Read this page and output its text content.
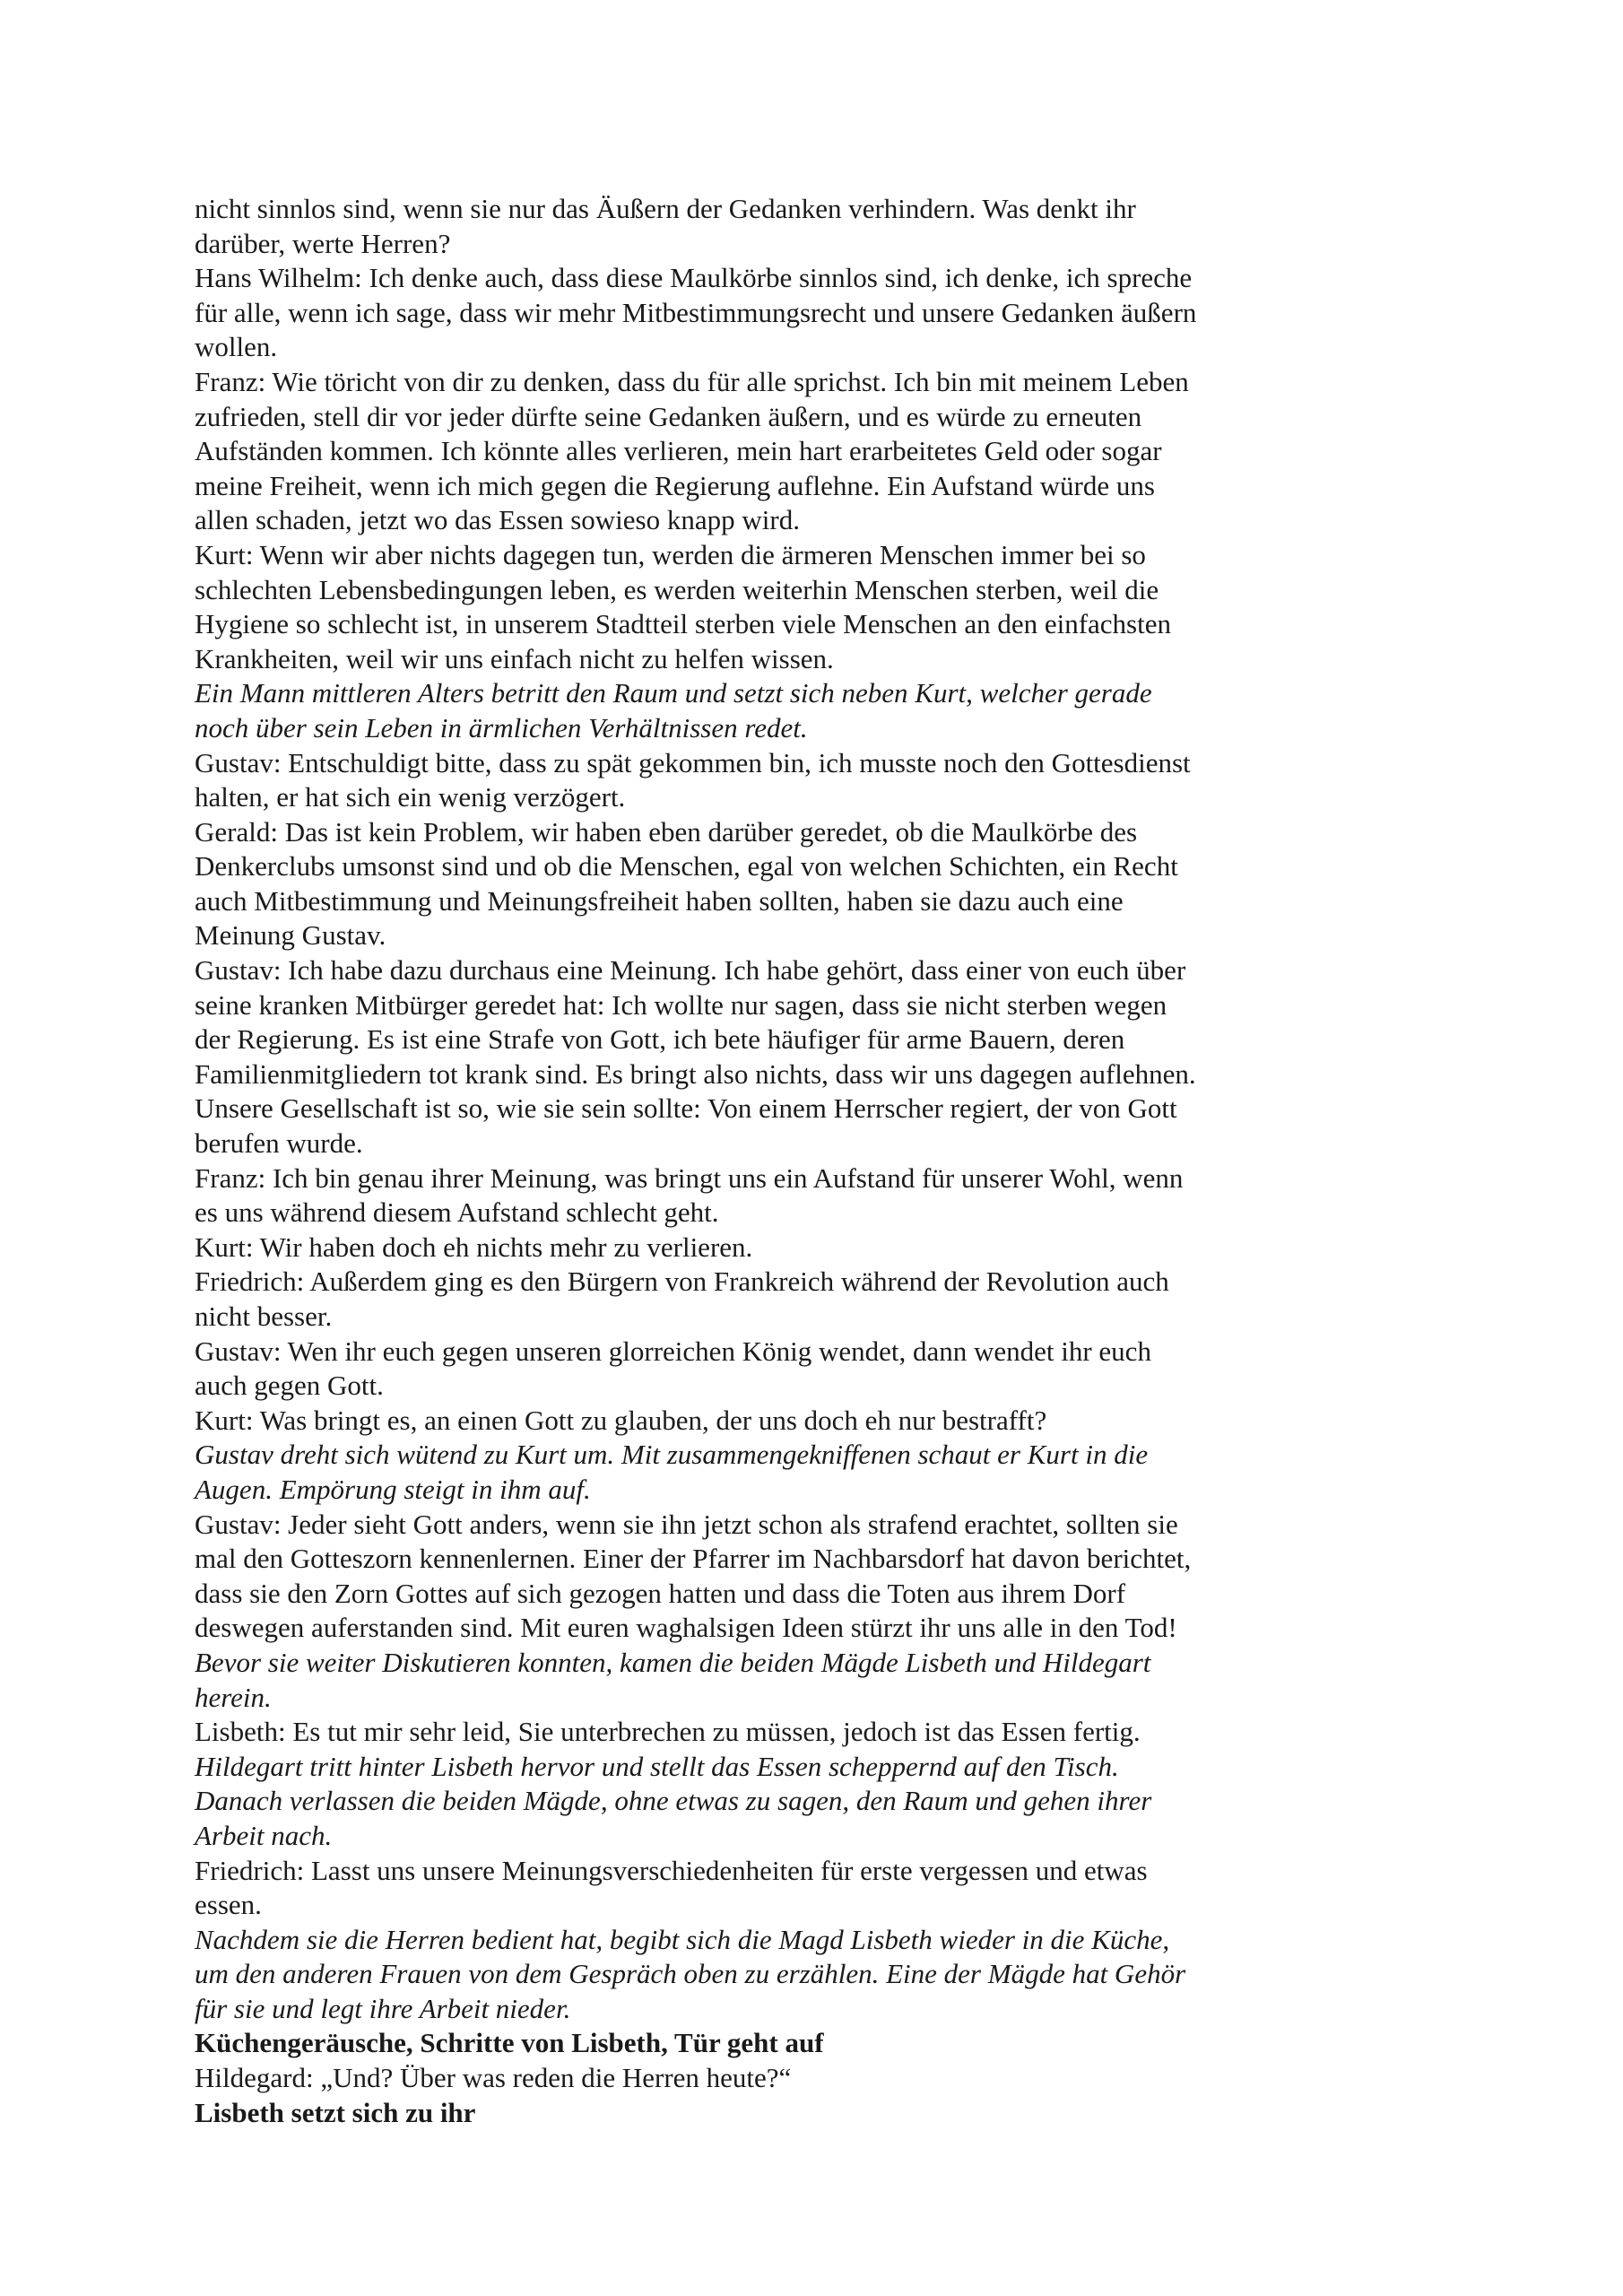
nicht sinnlos sind, wenn sie nur das Äußern der Gedanken verhindern. Was denkt ihr
darüber, werte Herren?

Hans Wilhelm: Ich denke auch, dass diese Maulkörbe sinnlos sind, ich denke, ich spreche
für alle, wenn ich sage, dass wir mehr Mitbestimmungsrecht und unsere Gedanken äußern
wollen.

Franz: Wie töricht von dir zu denken, dass du für alle sprichst. Ich bin mit meinem Leben
zufrieden, stell dir vor jeder dürfte seine Gedanken äußern, und es würde zu erneuten
Aufständen kommen. Ich könnte alles verlieren, mein hart erarbeitetes Geld oder sogar
meine Freiheit, wenn ich mich gegen die Regierung auflehne. Ein Aufstand würde uns
allen schaden, jetzt wo das Essen sowieso knapp wird.

Kurt: Wenn wir aber nichts dagegen tun, werden die ärmeren Menschen immer bei so
schlechten Lebensbedingungen leben, es werden weiterhin Menschen sterben, weil die
Hygiene so schlecht ist, in unserem Stadtteil sterben viele Menschen an den einfachsten
Krankheiten, weil wir uns einfach nicht zu helfen wissen.

Ein Mann mittleren Alters betritt den Raum und setzt sich neben Kurt, welcher gerade
noch über sein Leben in ärmlichen Verhältnissen redet.

Gustav: Entschuldigt bitte, dass zu spät gekommen bin, ich musste noch den Gottesdienst
halten, er hat sich ein wenig verzögert.

Gerald: Das ist kein Problem, wir haben eben darüber geredet, ob die Maulkörbe des
Denkerclubs umsonst sind und ob die Menschen, egal von welchen Schichten, ein Recht
auch Mitbestimmung und Meinungsfreiheit haben sollten, haben sie dazu auch eine
Meinung Gustav.

Gustav: Ich habe dazu durchaus eine Meinung. Ich habe gehört, dass einer von euch über
seine kranken Mitbürger geredet hat: Ich wollte nur sagen, dass sie nicht sterben wegen
der Regierung. Es ist eine Strafe von Gott, ich bete häufiger für arme Bauern, deren
Familienmitgliedern tot krank sind. Es bringt also nichts, dass wir uns dagegen auflehnen.
Unsere Gesellschaft ist so, wie sie sein sollte: Von einem Herrscher regiert, der von Gott
berufen wurde.

Franz: Ich bin genau ihrer Meinung, was bringt uns ein Aufstand für unserer Wohl, wenn
es uns während diesem Aufstand schlecht geht.

Kurt: Wir haben doch eh nichts mehr zu verlieren.

Friedrich: Außerdem ging es den Bürgern von Frankreich während der Revolution auch
nicht besser.

Gustav: Wen ihr euch gegen unseren glorreichen König wendet, dann wendet ihr euch
auch gegen Gott.

Kurt: Was bringt es, an einen Gott zu glauben, der uns doch eh nur bestrafft?

Gustav dreht sich wütend zu Kurt um. Mit zusammengekniffenen schaut er Kurt in die
Augen. Empörung steigt in ihm auf.

Gustav: Jeder sieht Gott anders, wenn sie ihn jetzt schon als strafend erachtet, sollten sie
mal den Gotteszorn kennenlernen. Einer der Pfarrer im Nachbarsdorf hat davon berichtet,
dass sie den Zorn Gottes auf sich gezogen hatten und dass die Toten aus ihrem Dorf
deswegen auferstanden sind. Mit euren waghalsigen Ideen stürzt ihr uns alle in den Tod!

Bevor sie weiter Diskutieren konnten, kamen die beiden Mägde Lisbeth und Hildegart
herein.

Lisbeth: Es tut mir sehr leid, Sie unterbrechen zu müssen, jedoch ist das Essen fertig.

Hildegart tritt hinter Lisbeth hervor und stellt das Essen scheppernd auf den Tisch.
Danach verlassen die beiden Mägde, ohne etwas zu sagen, den Raum und gehen ihrer
Arbeit nach.

Friedrich: Lasst uns unsere Meinungsverschiedenheiten für erste vergessen und etwas
essen.

Nachdem sie die Herren bedient hat, begibt sich die Magd Lisbeth wieder in die Küche,
um den anderen Frauen von dem Gespräch oben zu erzählen. Eine der Mägde hat Gehör
für sie und legt ihre Arbeit nieder.

Küchengeräusche, Schritte von Lisbeth, Tür geht auf

Hildegard: „Und? Über was reden die Herren heute?“

Lisbeth setzt sich zu ihr
